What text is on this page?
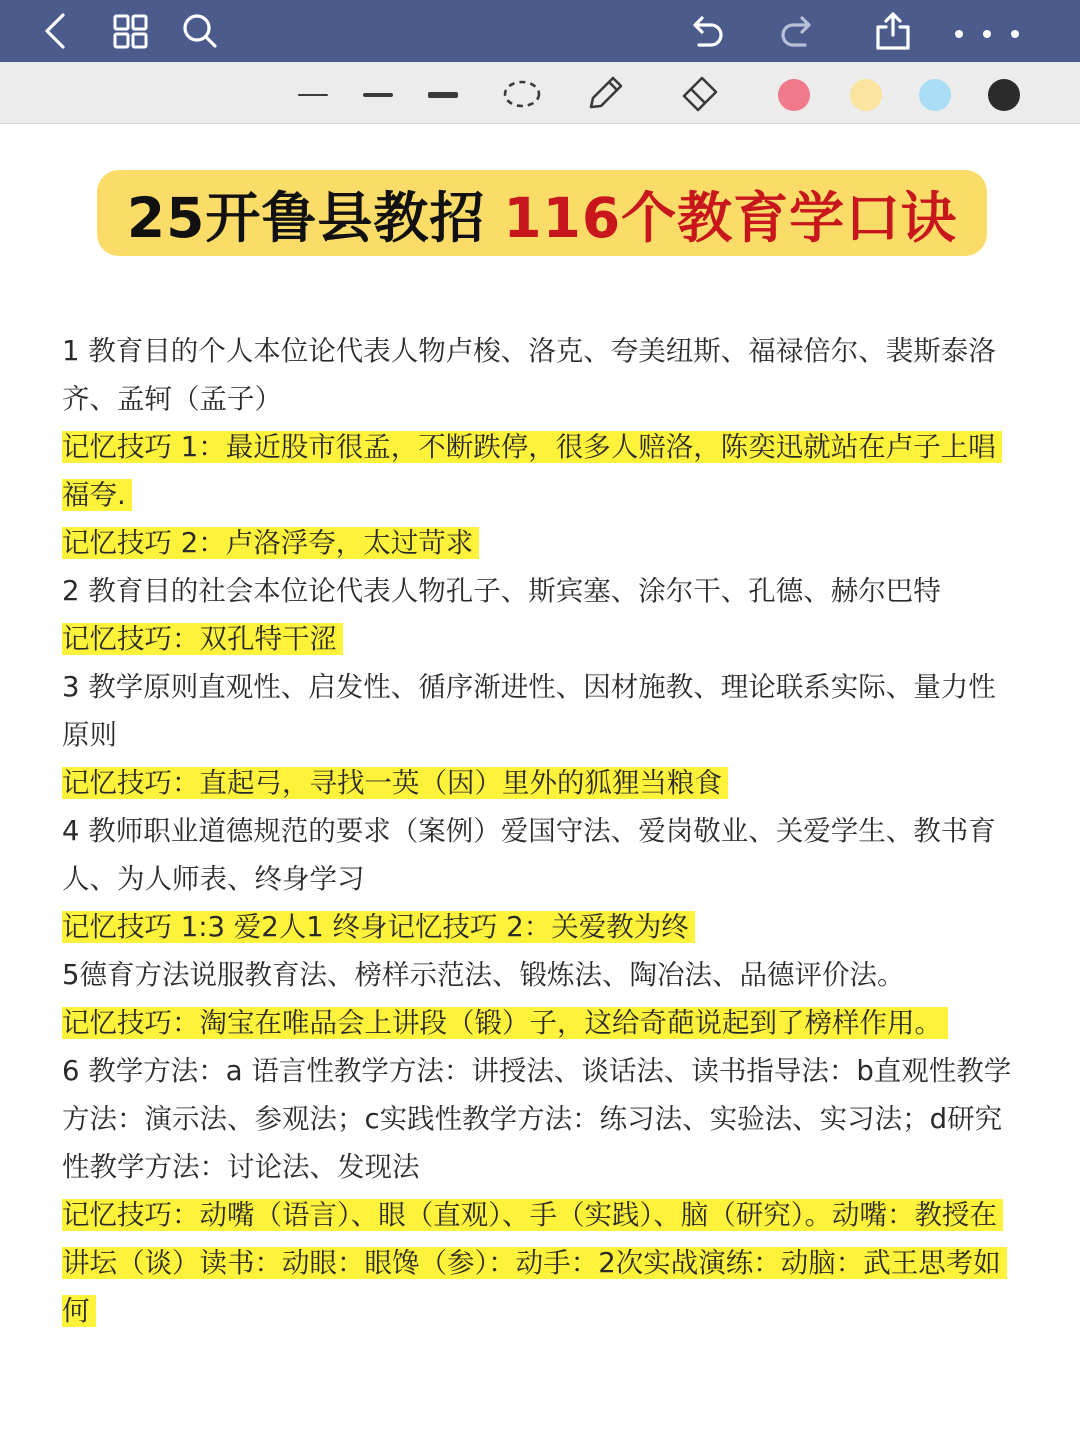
25开鲁县教招 116个教育学口诀
1 教育目的个人本位论代表人物卢梭、洛克、夸美纽斯、福禄倍尔、裴斯泰洛齐、孟轲（孟子）
记忆技巧 1：最近股市很孟，不断跌停，很多人赔洛，陈奕迅就站在卢子上唱福夸.
记忆技巧 2：卢洛浮夸，太过苛求
2 教育目的社会本位论代表人物孔子、斯宾塞、涂尔干、孔德、赫尔巴特
记忆技巧：双孔特干涩
3 教学原则直观性、启发性、循序渐进性、因材施教、理论联系实际、量力性原则
记忆技巧：直起弓，寻找一英（因）里外的狐狸当粮食
4 教师职业道德规范的要求（案例）爱国守法、爱岗敬业、关爱学生、教书育人、为人师表、终身学习
记忆技巧 1:3 爱2人1 终身记忆技巧 2：关爱教为终
5德育方法说服教育法、榜样示范法、锻炼法、陶冶法、品德评价法。
记忆技巧：淘宝在唯品会上讲段（锻）子，这给奇葩说起到了榜样作用。
6 教学方法：a 语言性教学方法：讲授法、谈话法、读书指导法：b直观性教学方法：演示法、参观法；c实践性教学方法：练习法、实验法、实习法；d研究性教学方法：讨论法、发现法
记忆技巧：动嘴（语言）、眼（直观）、手（实践）、脑（研究）。动嘴：教授在讲坛（谈）读书：动眼：眼馋（参）：动手：2次实战演练：动脑：武王思考如何
